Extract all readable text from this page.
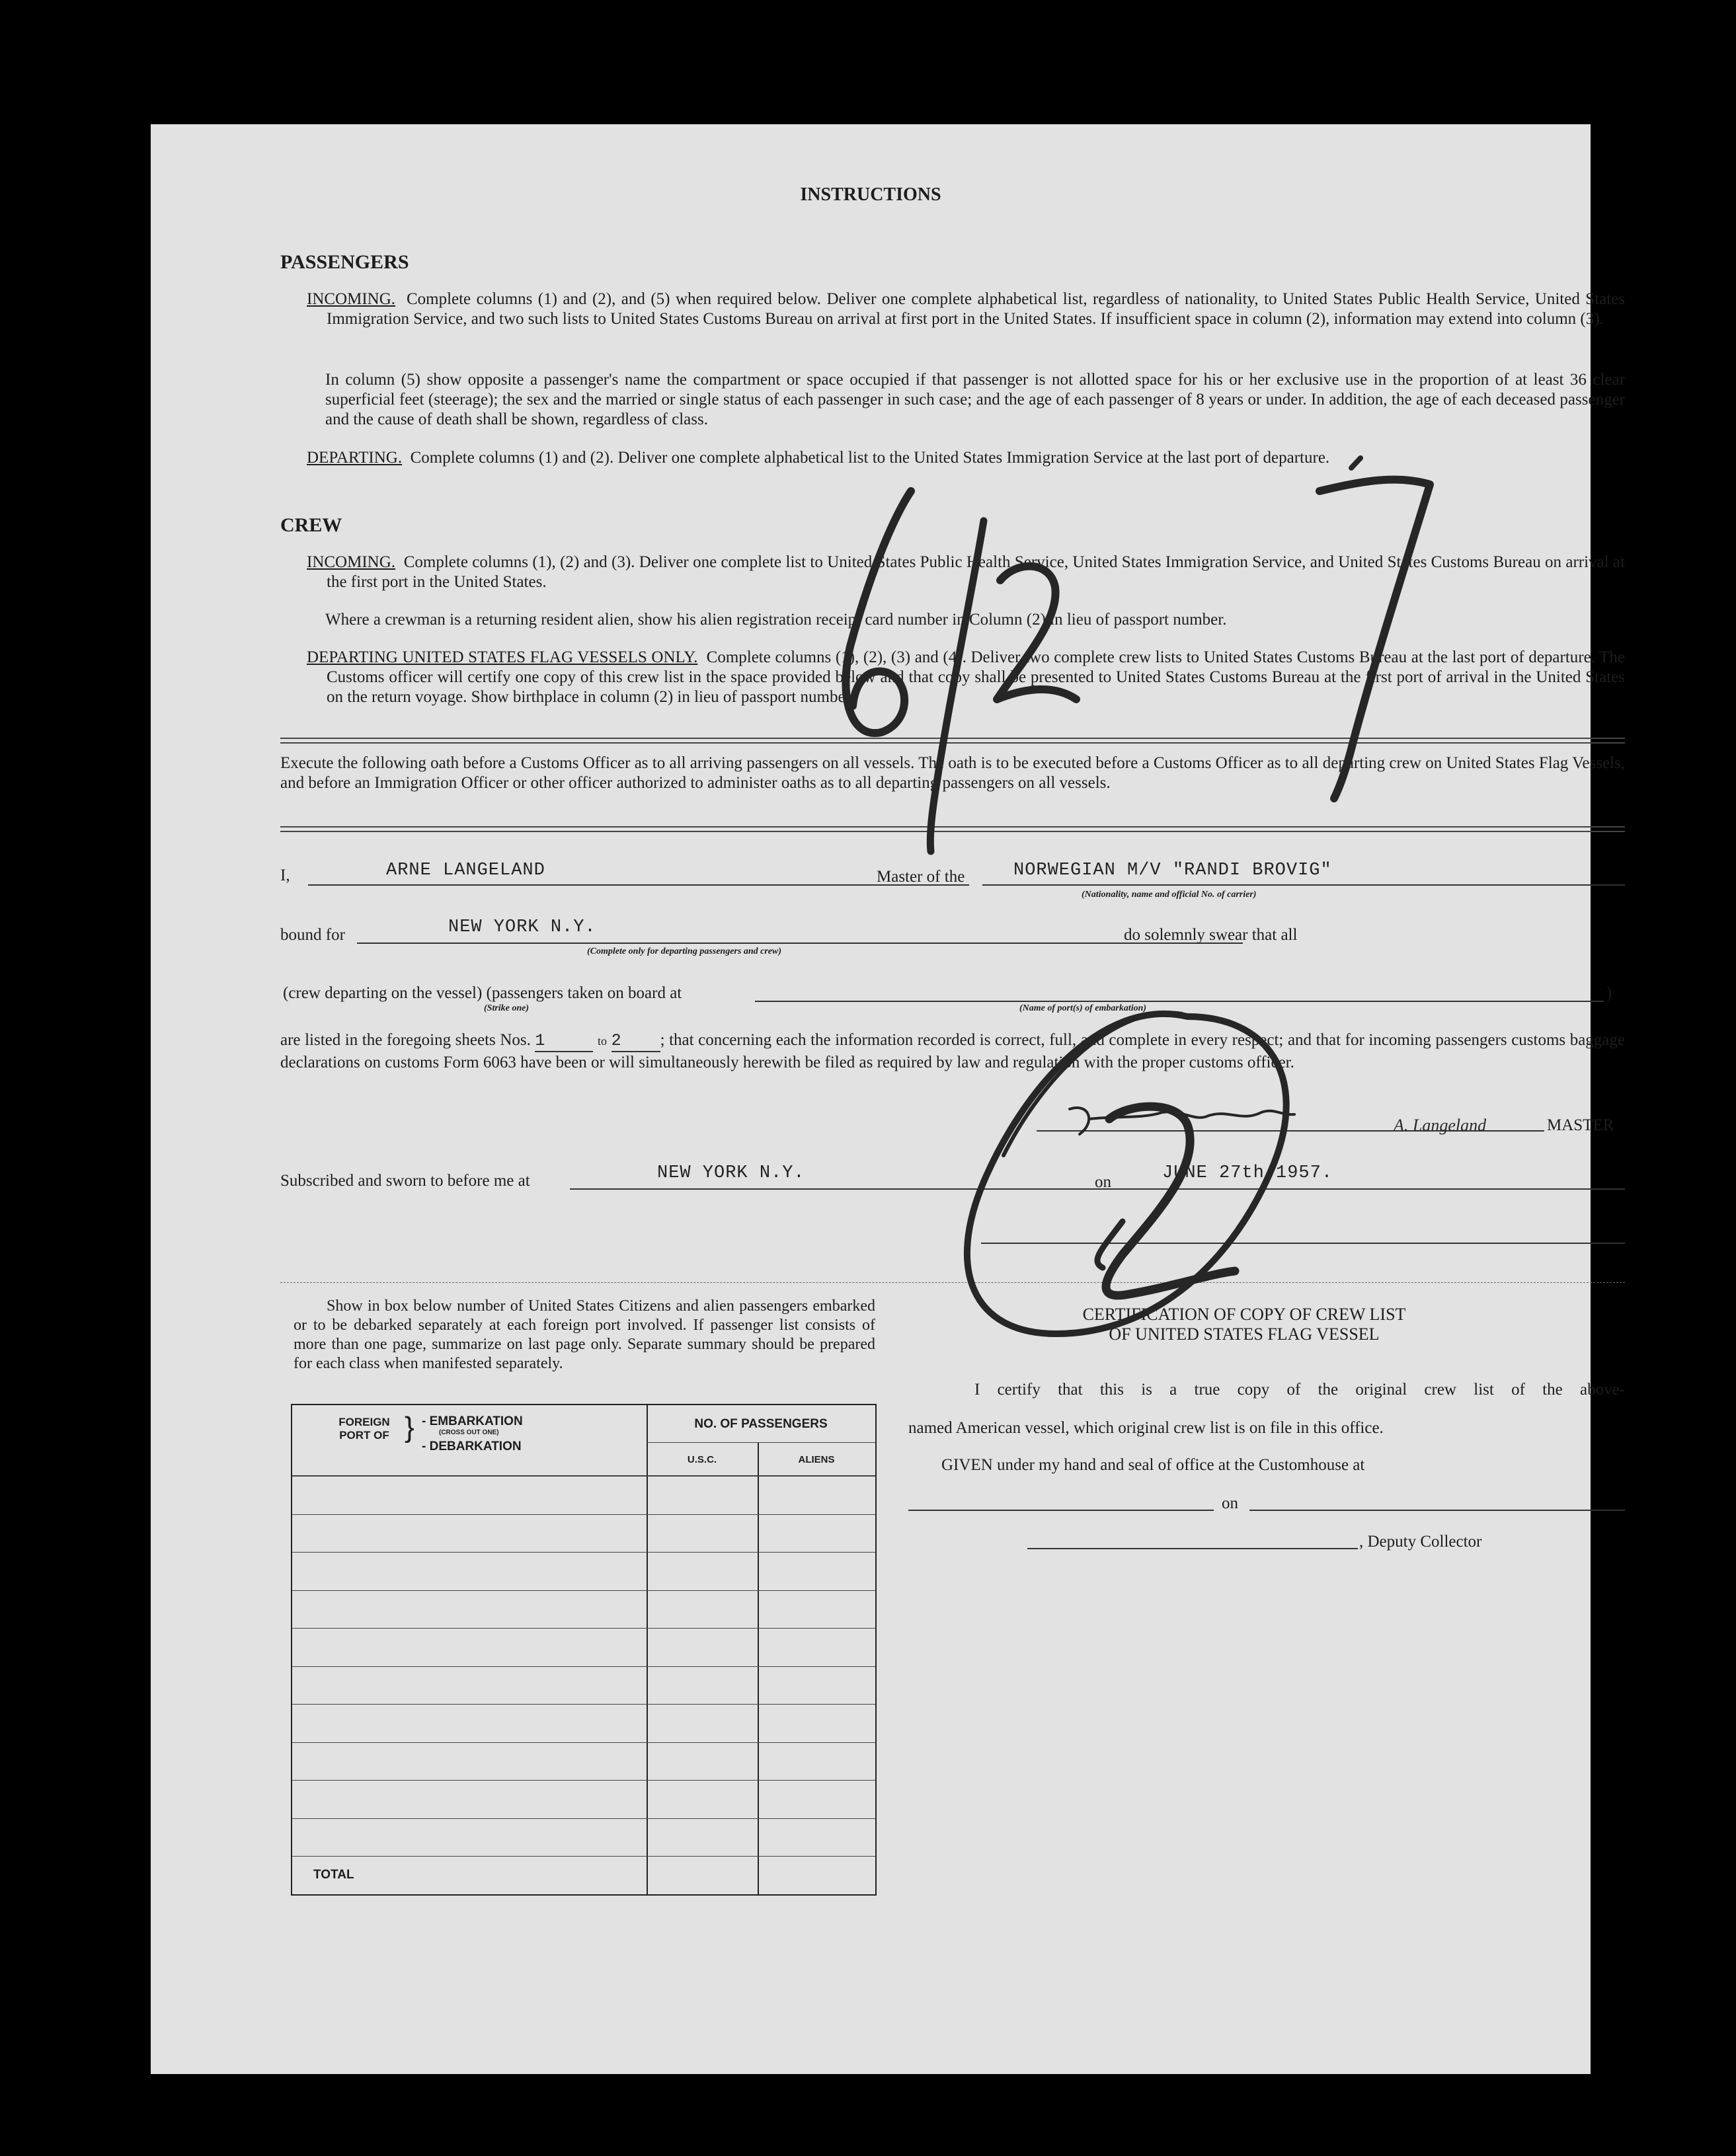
INSTRUCTIONS
PASSENGERS
INCOMING. Complete columns (1) and (2), and (5) when required below. Deliver one complete alphabetical list, regardless of nationality, to United States Public Health Service, United States Immigration Service, and two such lists to United States Customs Bureau on arrival at first port in the United States. If insufficient space in column (2), information may extend into column (3).
In column (5) show opposite a passenger's name the compartment or space occupied if that passenger is not allotted space for his or her exclusive use in the proportion of at least 36 clear superficial feet (steerage); the sex and the married or single status of each passenger in such case; and the age of each passenger of 8 years or under. In addition, the age of each deceased passenger and the cause of death shall be shown, regardless of class.
DEPARTING. Complete columns (1) and (2). Deliver one complete alphabetical list to the United States Immigration Service at the last port of departure.
CREW
INCOMING. Complete columns (1), (2) and (3). Deliver one complete list to United States Public Health Service, United States Immigration Service, and United States Customs Bureau on arrival at the first port in the United States.
Where a crewman is a returning resident alien, show his alien registration receipt card number in Column (2) in lieu of passport number.
DEPARTING UNITED STATES FLAG VESSELS ONLY. Complete columns (1), (2), (3) and (4). Deliver two complete crew lists to United States Customs Bureau at the last port of departure. The Customs officer will certify one copy of this crew list in the space provided below and that copy shall be presented to United States Customs Bureau at the first port of arrival in the United States on the return voyage. Show birthplace in column (2) in lieu of passport number.
Execute the following oath before a Customs Officer as to all arriving passengers on all vessels. The oath is to be executed before a Customs Officer as to all departing crew on United States Flag Vessels, and before an Immigration Officer or other officer authorized to administer oaths as to all departing passengers on all vessels.
I,	ARNE LANGELAND	Master of the	NORWEGIAN M/V "RANDI BROVIG"
(Nationality, name and official No. of carrier)
bound for	NEW YORK N.Y.
(Complete only for departing passengers and crew)
do solemnly swear that all
(crew departing on the vessel) (passengers taken on board at	)
(Strike one)	(Name of port(s) of embarkation)
are listed in the foregoing sheets Nos. 1	to 2 ; that concerning each the information recorded is correct, full, and complete in every respect; and that for incoming passengers customs baggage declarations on customs Form 6063 have been or will simultaneously herewith be filed as required by law and regulation with the proper customs officer.
A. Langeland	MASTER
Subscribed and sworn to before me at	NEW YORK N.Y.	on	JUNE 27th 1957.
Show in box below number of United States Citizens and alien passengers embarked or to be debarked separately at each foreign port involved. If passenger list consists of more than one page, summarize on last page only. Separate summary should be prepared for each class when manifested separately.
FOREIGN PORT OF } - EMBARKATION
(CROSS OUT ONE)
- DEBARKATION
NO. OF PASSENGERS
U.S.C.	ALIENS
TOTAL
CERTIFICATION OF COPY OF CREW LIST
OF UNITED STATES FLAG VESSEL
I certify that this is a true copy of the original crew list of the above-
named American vessel, which original crew list is on file in this office.
GIVEN under my hand and seal of office at the Customhouse at
on
, Deputy Collector
